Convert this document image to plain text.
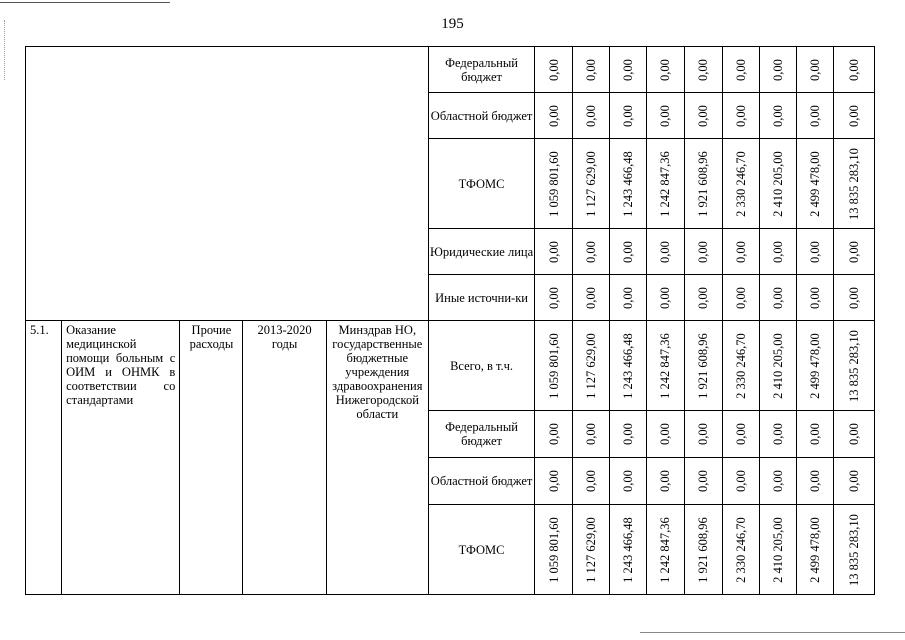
195
					Федеральный бюджет	0,00	0,00	0,00	0,00	0,00	0,00	0,00	0,00	0,00

					Областной бюджет	0,00	0,00	0,00	0,00	0,00	0,00	0,00	0,00	0,00

					ТФОМС	1 059 801,60	1 127 629,00	1 243 466,48	1 242 847,36	1 921 608,96	2 330 246,70	2 410 205,00	2 499 478,00	13 835 283,10

					Юридические лица	0,00	0,00	0,00	0,00	0,00	0,00	0,00	0,00	0,00

					Иные источни-ки	0,00	0,00	0,00	0,00	0,00	0,00	0,00	0,00	0,00

5.1.	Оказание медицинской помощи больным с ОИМ и ОНМК в соответствии со стандартами	Прочие расходы	2013-2020 годы	Минздрав НО, государственные бюджетные учреждения здравоохранения Нижегородской области	Всего, в т.ч.	1 059 801,60	1 127 629,00	1 243 466,48	1 242 847,36	1 921 608,96	2 330 246,70	2 410 205,00	2 499 478,00	13 835 283,10

					Федеральный бюджет	0,00	0,00	0,00	0,00	0,00	0,00	0,00	0,00	0,00

					Областной бюджет	0,00	0,00	0,00	0,00	0,00	0,00	0,00	0,00	0,00

					ТФОМС	1 059 801,60	1 127 629,00	1 243 466,48	1 242 847,36	1 921 608,96	2 330 246,70	2 410 205,00	2 499 478,00	13 835 283,10
